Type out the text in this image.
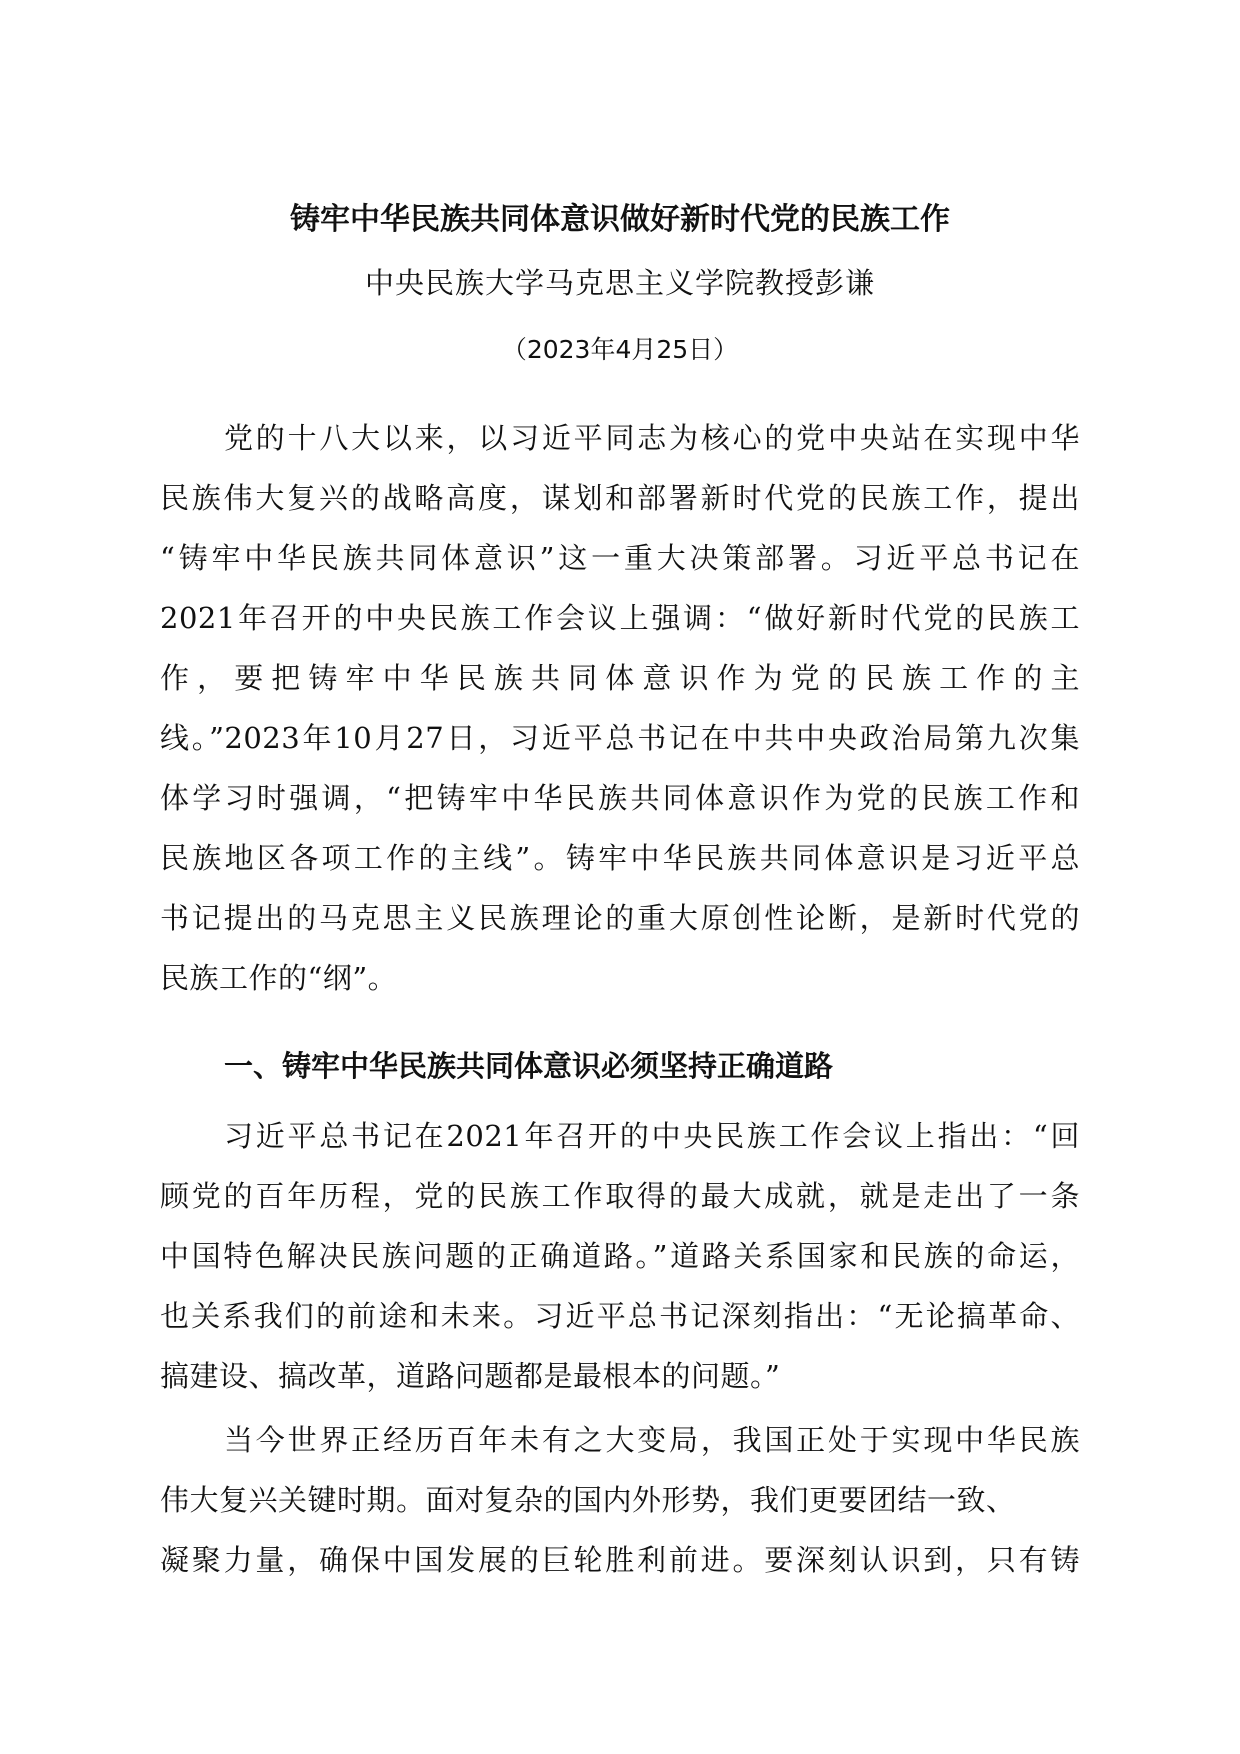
铸牢中华民族共同体意识做好新时代党的民族工作
中央民族大学马克思主义学院教授彭谦
（2023年4月25日）
党的十八大以来，以习近平同志为核心的党中央站在实现中华
民族伟大复兴的战略高度，谋划和部署新时代党的民族工作，提出
“铸牢中华民族共同体意识”这一重大决策部署。习近平总书记在
2021年召开的中央民族工作会议上强调：“做好新时代党的民族工
作，要把铸牢中华民族共同体意识作为党的民族工作的主
线。”2023年10月27日，习近平总书记在中共中央政治局第九次集
体学习时强调，“把铸牢中华民族共同体意识作为党的民族工作和
民族地区各项工作的主线”。铸牢中华民族共同体意识是习近平总
书记提出的马克思主义民族理论的重大原创性论断，是新时代党的
民族工作的“纲”。
一、铸牢中华民族共同体意识必须坚持正确道路
习近平总书记在2021年召开的中央民族工作会议上指出：“回
顾党的百年历程，党的民族工作取得的最大成就，就是走出了一条
中国特色解决民族问题的正确道路。”道路关系国家和民族的命运，
也关系我们的前途和未来。习近平总书记深刻指出：“无论搞革命、
搞建设、搞改革，道路问题都是最根本的问题。”
当今世界正经历百年未有之大变局，我国正处于实现中华民族
伟大复兴关键时期。面对复杂的国内外形势，我们更要团结一致、
凝聚力量，确保中国发展的巨轮胜利前进。要深刻认识到，只有铸
